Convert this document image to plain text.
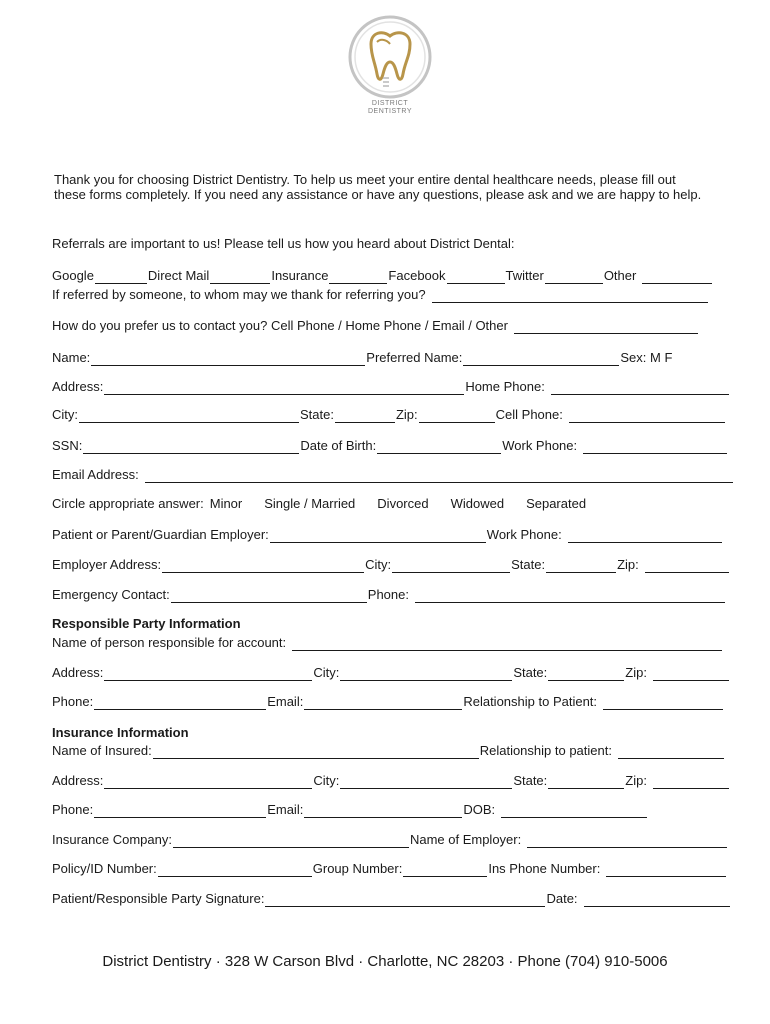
DISTRICT
DENTISTRY
Thank you for choosing District Dentistry. To help us meet your entire dental healthcare needs, please fill out
these forms completely. If you need any assistance or have any questions, please ask and we are happy to help.
Referrals are important to us! Please tell us how you heard about District Dental:
Google	Direct Mail	Insurance	Facebook	Twitter	Other
If referred by someone, to whom may we thank for referring you?
How do you prefer us to contact you? Cell Phone / Home Phone / Email / Other
Name:	Preferred Name:	Sex: M F
Address:	Home Phone:
City:	State:	Zip:	Cell Phone:
SSN:	Date of Birth:	Work Phone:
Email Address:
Circle appropriate answer: Minor Single / Married Divorced Widowed Separated
Patient or Parent/Guardian Employer:	Work Phone:
Employer Address:	City:	State:	Zip:
Emergency Contact:	Phone:
Responsible Party Information
Name of person responsible for account:
Address:	City:	State:	Zip:
Phone:	Email:	Relationship to Patient:
Insurance Information
Name of Insured:	Relationship to patient:
Address:	City:	State:	Zip:
Phone:	Email:	DOB:
Insurance Company:	Name of Employer:
Policy/ID Number:	Group Number:	Ins Phone Number:
Patient/Responsible Party Signature:	Date:
District Dentistry · 328 W Carson Blvd · Charlotte, NC 28203 · Phone (704) 910-5006
